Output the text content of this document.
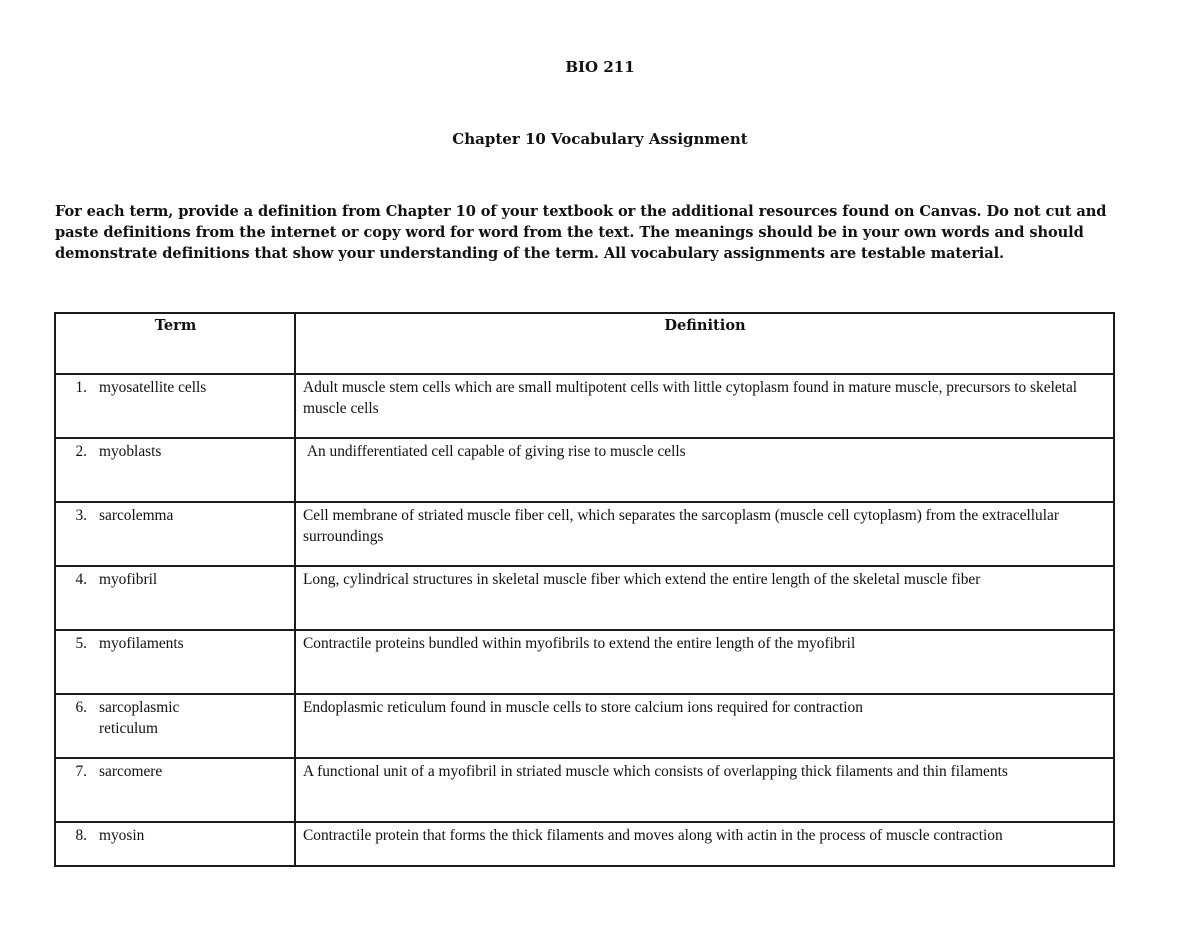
BIO 211
Chapter 10 Vocabulary Assignment
For each term, provide a definition from Chapter 10 of your textbook or the additional resources found on Canvas. Do not cut and paste definitions from the internet or copy word for word from the text. The meanings should be in your own words and should demonstrate definitions that show your understanding of the term. All vocabulary assignments are testable material.
Term	Definition

1. myosatellite cells	Adult muscle stem cells which are small multipotent cells with little cytoplasm found in mature muscle, precursors to skeletal muscle cells

2. myoblasts	An undifferentiated cell capable of giving rise to muscle cells

3. sarcolemma	Cell membrane of striated muscle fiber cell, which separates the sarcoplasm (muscle cell cytoplasm) from the extracellular surroundings

4. myofibril	Long, cylindrical structures in skeletal muscle fiber which extend the entire length of the skeletal muscle fiber

5. myofilaments	Contractile proteins bundled within myofibrils to extend the entire length of the myofibril

6. sarcoplasmic reticulum	Endoplasmic reticulum found in muscle cells to store calcium ions required for contraction

7. sarcomere	A functional unit of a myofibril in striated muscle which consists of overlapping thick filaments and thin filaments

8. myosin	Contractile protein that forms the thick filaments and moves along with actin in the process of muscle contraction
